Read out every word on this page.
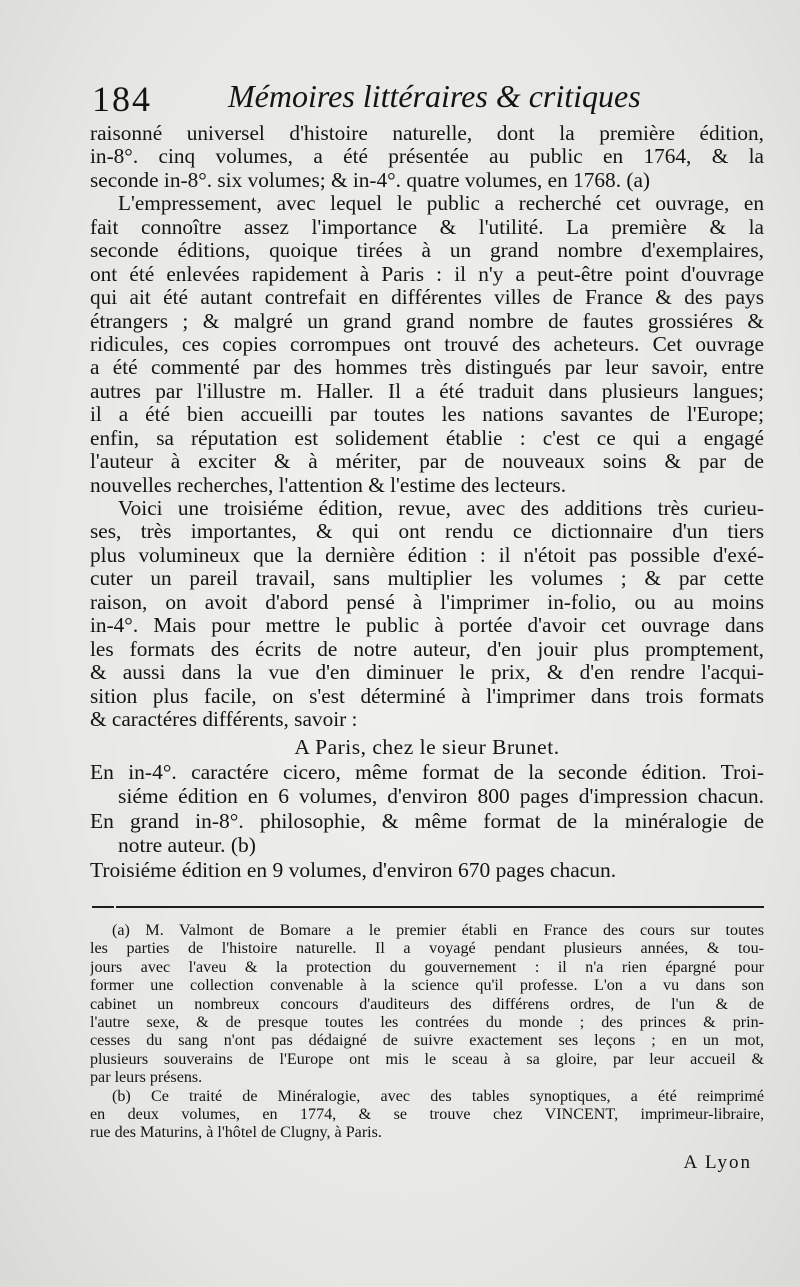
184 Mémoires littéraires & critiques
raisonné universel d'histoire naturelle, dont la première édition,
in-8°. cinq volumes, a été présentée au public en 1764, & la
seconde in-8°. six volumes; & in-4°. quatre volumes, en 1768. (a)
L'empressement, avec lequel le public a recherché cet ouvrage, en
fait connoître assez l'importance & l'utilité. La première & la
seconde éditions, quoique tirées à un grand nombre d'exemplaires,
ont été enlevées rapidement à Paris : il n'y a peut-être point d'ouvrage
qui ait été autant contrefait en différentes villes de France & des pays
étrangers ; & malgré un grand grand nombre de fautes grossiéres &
ridicules, ces copies corrompues ont trouvé des acheteurs. Cet ouvrage
a été commenté par des hommes très distingués par leur savoir, entre
autres par l'illustre m. Haller. Il a été traduit dans plusieurs langues;
il a été bien accueilli par toutes les nations savantes de l'Europe;
enfin, sa réputation est solidement établie : c'est ce qui a engagé
l'auteur à exciter & à mériter, par de nouveaux soins & par de
nouvelles recherches, l'attention & l'estime des lecteurs.
Voici une troisiéme édition, revue, avec des additions très curieu-
ses, très importantes, & qui ont rendu ce dictionnaire d'un tiers
plus volumineux que la dernière édition : il n'étoit pas possible d'exé-
cuter un pareil travail, sans multiplier les volumes ; & par cette
raison, on avoit d'abord pensé à l'imprimer in-folio, ou au moins
in-4°. Mais pour mettre le public à portée d'avoir cet ouvrage dans
les formats des écrits de notre auteur, d'en jouir plus promptement,
& aussi dans la vue d'en diminuer le prix, & d'en rendre l'acqui-
sition plus facile, on s'est déterminé à l'imprimer dans trois formats
& caractéres différents, savoir :
A Paris, chez le sieur Brunet.
En in-4°. caractére cicero, même format de la seconde édition. Troi-
siéme édition en 6 volumes, d'environ 800 pages d'impression chacun.
En grand in-8°. philosophie, & même format de la minéralogie de
notre auteur. (b)
Troisiéme édition en 9 volumes, d'environ 670 pages chacun.
(a) M. Valmont de Bomare a le premier établi en France des cours sur toutes
les parties de l'histoire naturelle. Il a voyagé pendant plusieurs années, & tou-
jours avec l'aveu & la protection du gouvernement : il n'a rien épargné pour
former une collection convenable à la science qu'il professe. L'on a vu dans son
cabinet un nombreux concours d'auditeurs des différens ordres, de l'un & de
l'autre sexe, & de presque toutes les contrées du monde ; des princes & prin-
cesses du sang n'ont pas dédaigné de suivre exactement ses leçons ; en un mot,
plusieurs souverains de l'Europe ont mis le sceau à sa gloire, par leur accueil &
par leurs présens.
(b) Ce traité de Minéralogie, avec des tables synoptiques, a été reimprimé
en deux volumes, en 1774, & se trouve chez VINCENT, imprimeur-libraire,
rue des Maturins, à l'hôtel de Clugny, à Paris.
A Lyon
